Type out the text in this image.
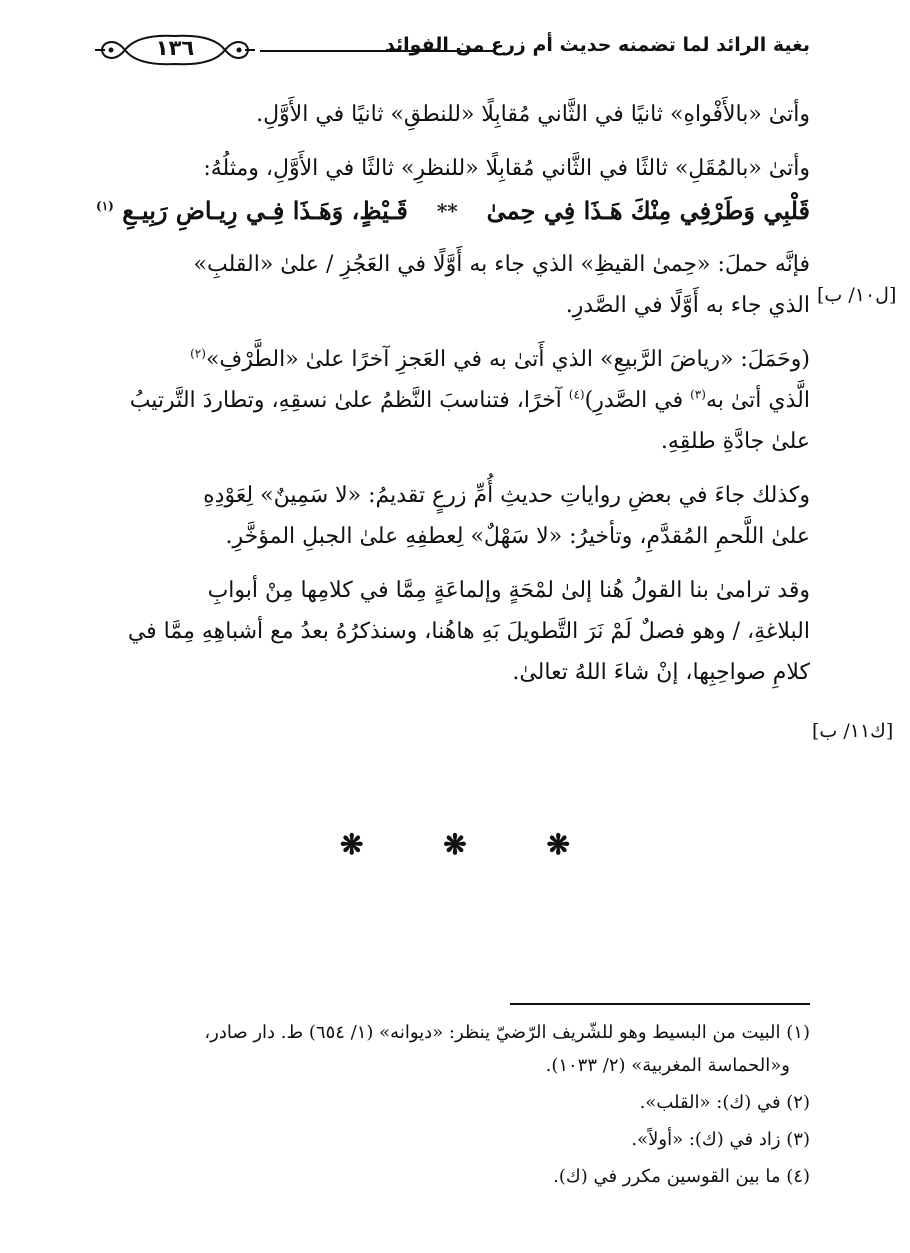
١٣٦	بغية الرائد لما تضمنه حديث أم زرع من الفوائد

وأتىٰ «بالأَفْواهِ» ثانيًا في الثَّاني مُقابِلًا «للنطقِ» ثانيًا في الأَوَّلِ.

وأتىٰ «بالمُقَلِ» ثالثًا في الثَّاني مُقابِلًا «للنظرِ» ثالثًا في الأَوَّلِ، ومثلُهُ:

قَلْبِي وَطَرْفِي مِنْكَ هَـذَا فِي حِمىٰ
**
قَـيْظٍ، وَهَـذَا فِـي رِيـاضِ رَبِيـعِ $^{(١)}$

فإنَّه حملَ: «حِمىٰ القيظِ» الذي جاء به أَوَّلًا في العَجُزِ / علىٰ «القلبِ»
الذي جاء به أَوَّلًا في الصَّدرِ.

(وحَمَلَ: «رياضَ الرَّبيعِ» الذي أَتىٰ به في العَجزِ آخرًا علىٰ «الطَّرْفِ»$^{(٢)}$
الَّذي أتىٰ به$^{(٣)}$ في الصَّدرِ)$^{(٤)}$ آخرًا، فتناسبَ النَّظمُ علىٰ نسقِهِ، وتطاردَ التَّرتيبُ
علىٰ جادَّةِ طلقِهِ.

وكذلك جاءَ في بعضِ رواياتِ حديثِ أُمِّ زرعٍ تقديمُ: «لا سَمِينٌ» لِعَوْدِهِ
علىٰ اللَّحمِ المُقدَّمِ، وتأخيرُ: «لا سَهْلٌ» لِعطفِهِ علىٰ الجبلِ المؤخَّرِ.

وقد ترامىٰ بنا القولُ هُنا إلىٰ لمْحَةٍ وإلماعَةٍ مِمَّا في كلامِها مِنْ أبوابِ
البلاغةِ، / وهو فصلٌ لَمْ نَرَ التَّطويلَ بَهِ هاهُنا، وسنذكرُهُ بعدُ مع أشباهِهِ مِمَّا في
كلامِ صواحِبِها، إنْ شاءَ اللهُ تعالىٰ.

[ل١٠/ ب]
[ك١١/ ب]
❋	❋	❋

(١) البيت من البسيط وهو للشّريف الرّضيّ ينظر: «ديوانه» (١/ ٦٥٤) ط. دار صادر،
و«الحماسة المغربية» (٢/ ١٠٣٣).

(٢) في (ك): «القلب».

(٣) زاد في (ك): «أولاً».

(٤) ما بين القوسين مكرر في (ك).
